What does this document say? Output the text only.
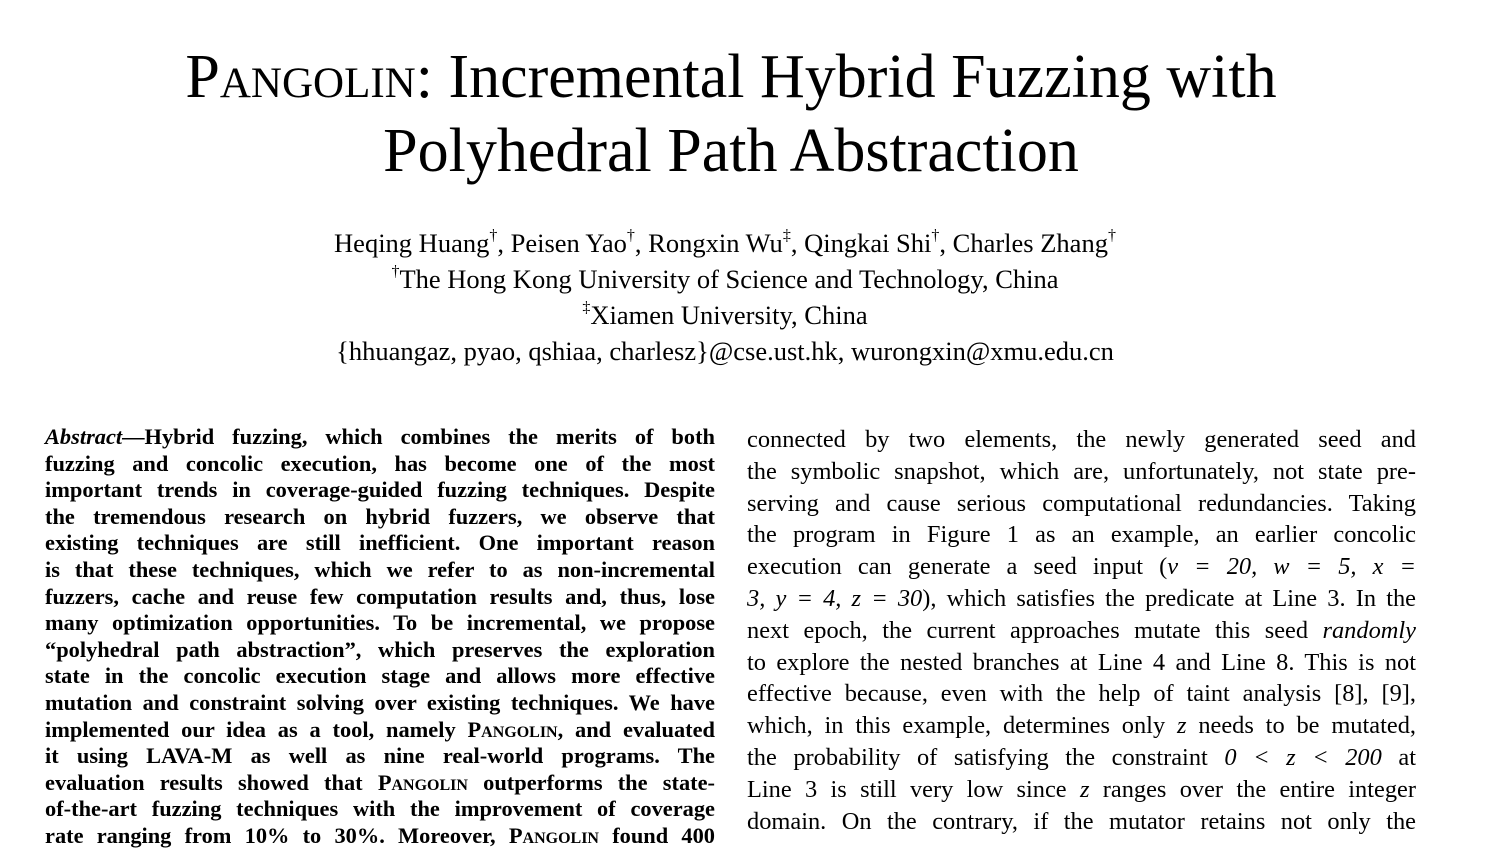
Pangolin: Incremental Hybrid Fuzzing with
Polyhedral Path Abstraction
Heqing Huang†, Peisen Yao†, Rongxin Wu‡, Qingkai Shi†, Charles Zhang†
†The Hong Kong University of Science and Technology, China
‡Xiamen University, China
{hhuangaz, pyao, qshiaa, charlesz}@cse.ust.hk, wurongxin@xmu.edu.cn
Abstract—Hybrid fuzzing, which combines the merits of both
fuzzing and concolic execution, has become one of the most
important trends in coverage-guided fuzzing techniques. Despite
the tremendous research on hybrid fuzzers, we observe that
existing techniques are still inefficient. One important reason
is that these techniques, which we refer to as non-incremental
fuzzers, cache and reuse few computation results and, thus, lose
many optimization opportunities. To be incremental, we propose
“polyhedral path abstraction”, which preserves the exploration
state in the concolic execution stage and allows more effective
mutation and constraint solving over existing techniques. We have
implemented our idea as a tool, namely Pangolin, and evaluated
it using LAVA-M as well as nine real-world programs. The
evaluation results showed that Pangolin outperforms the state-
of-the-art fuzzing techniques with the improvement of coverage
rate ranging from 10% to 30%. Moreover, Pangolin found 400
connected by two elements, the newly generated seed and
the symbolic snapshot, which are, unfortunately, not state pre-
serving and cause serious computational redundancies. Taking
the program in Figure 1 as an example, an earlier concolic
execution can generate a seed input (v = 20, w = 5, x =
3, y = 4, z = 30), which satisfies the predicate at Line 3. In the
next epoch, the current approaches mutate this seed randomly
to explore the nested branches at Line 4 and Line 8. This is not
effective because, even with the help of taint analysis [8], [9],
which, in this example, determines only z needs to be mutated,
the probability of satisfying the constraint 0 < z < 200 at
Line 3 is still very low since z ranges over the entire integer
domain. On the contrary, if the mutator retains not only the
